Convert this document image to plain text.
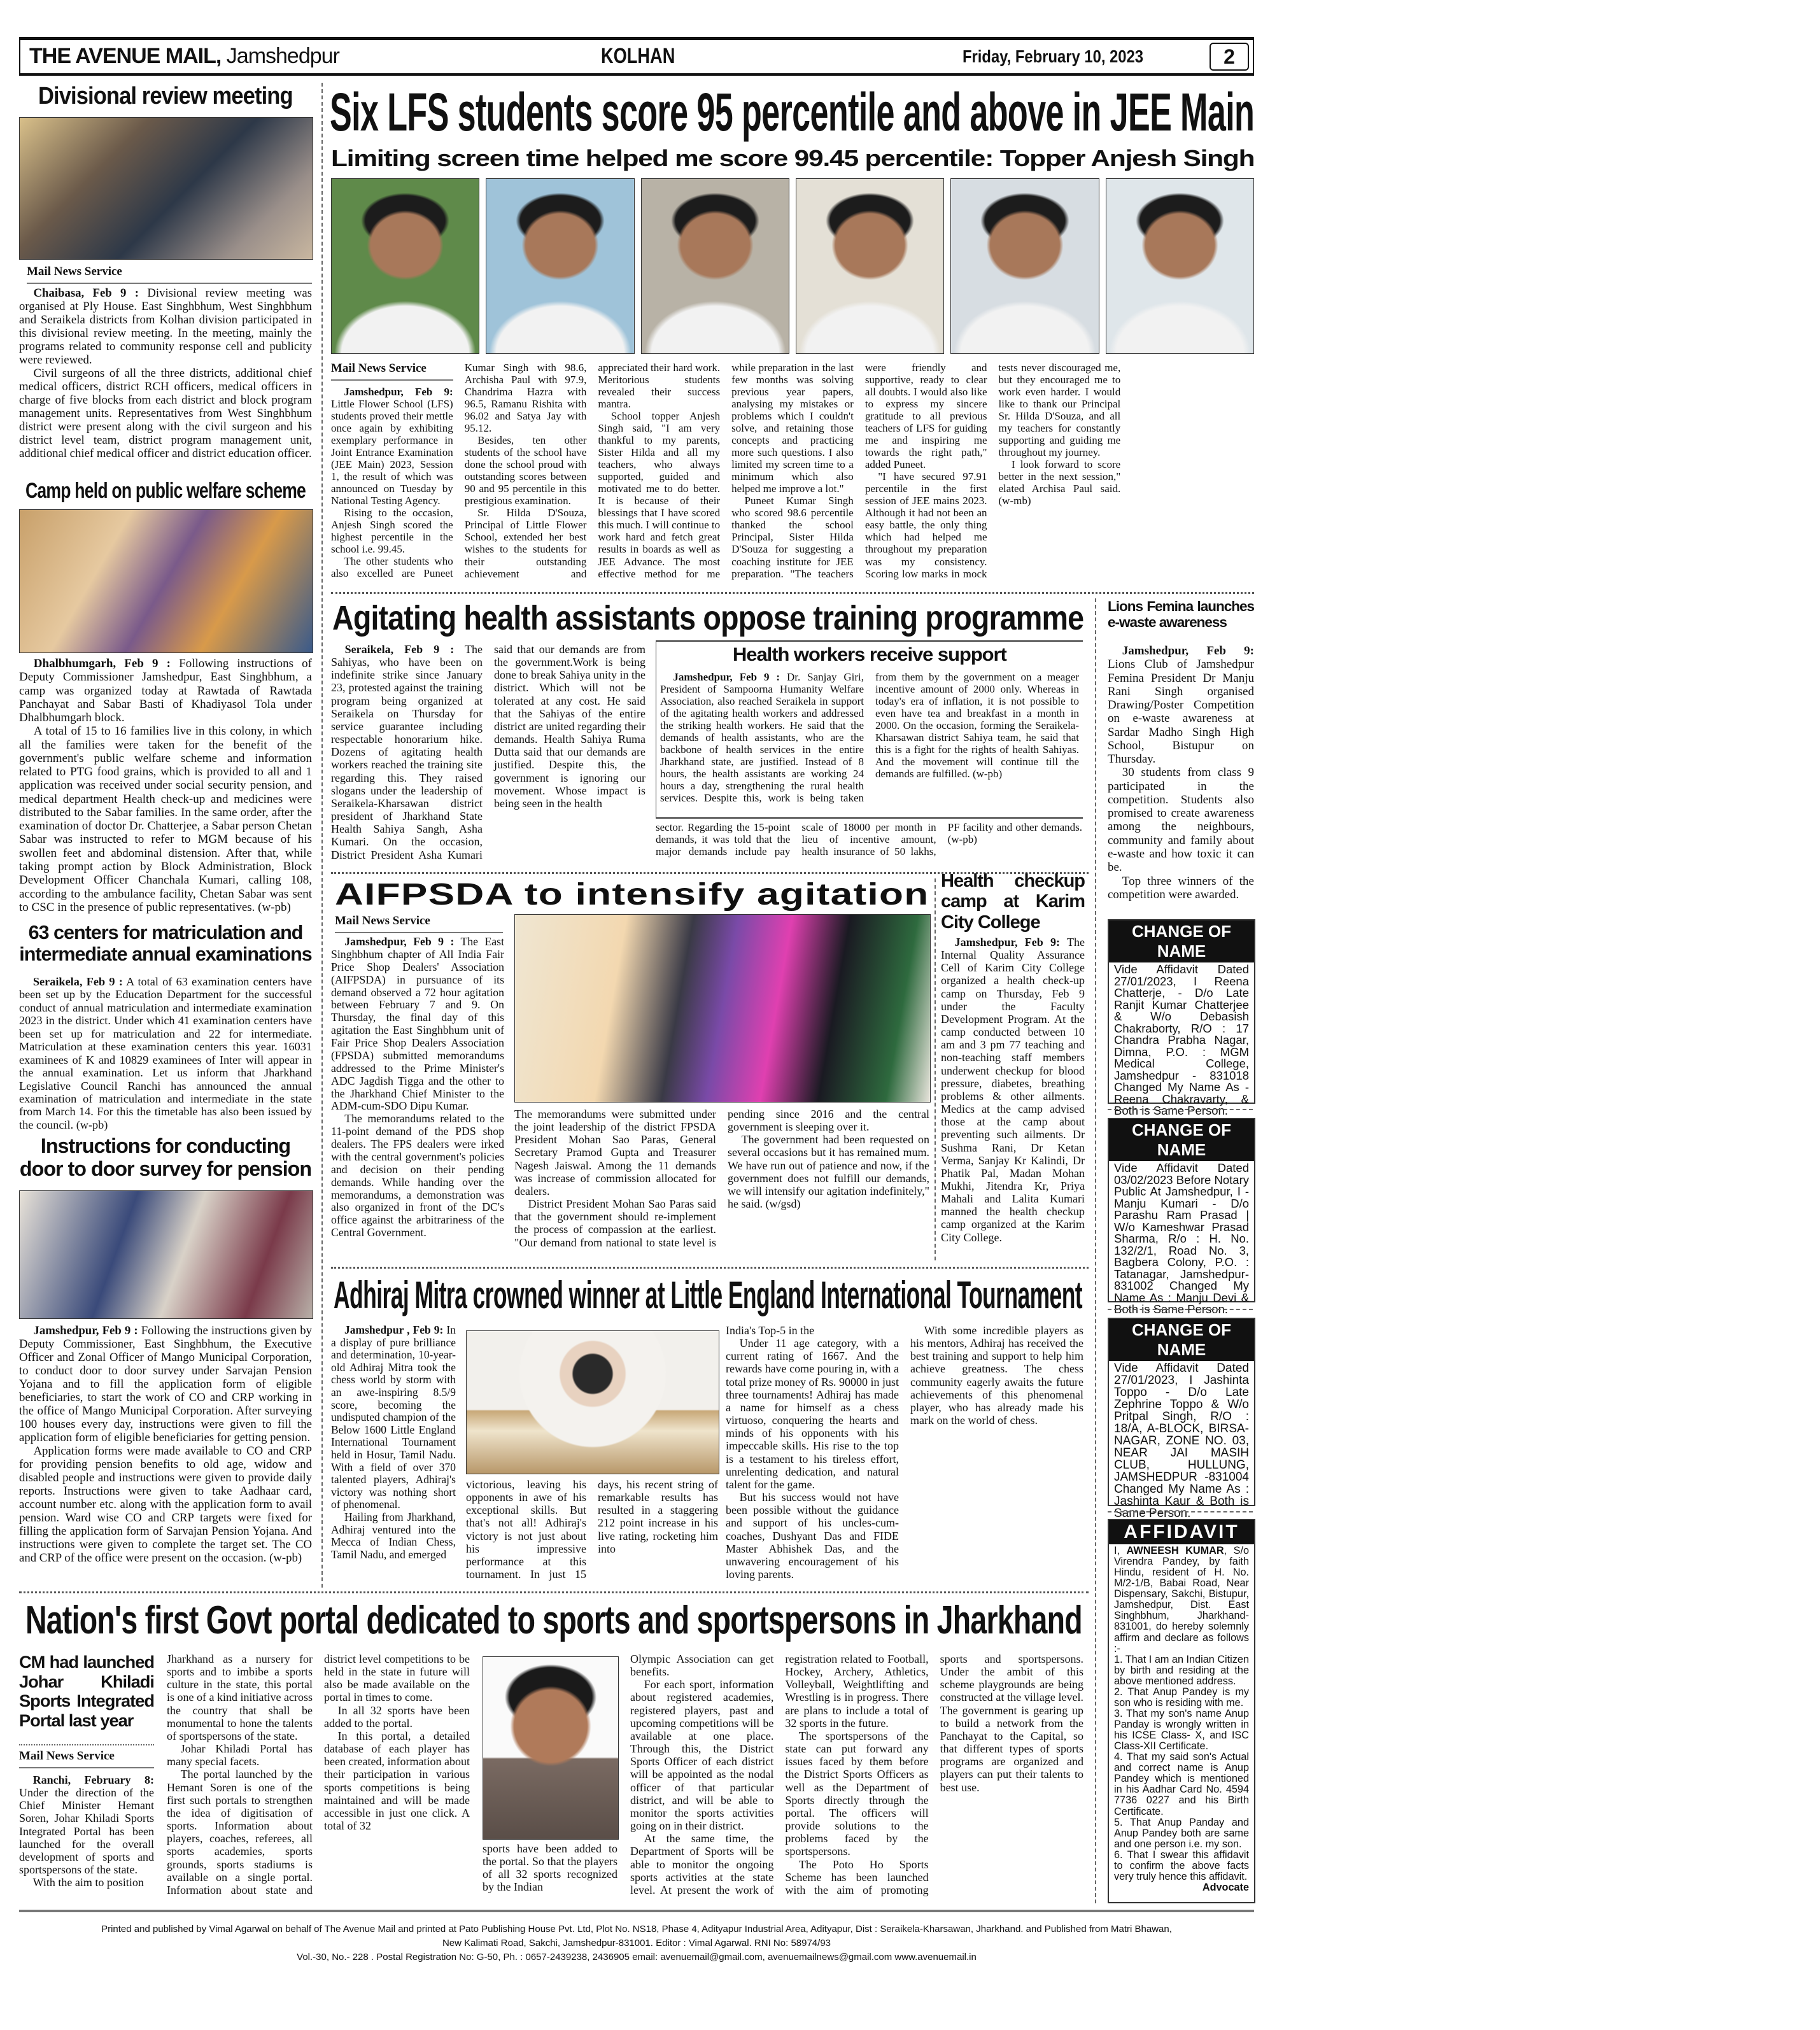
THE AVENUE MAIL, Jamshedpur	KOLHAN	Friday, February 10, 2023	2
Divisional review meeting
Mail News Service

Chaibasa, Feb 9 : Divisional review meeting was organised at Ply House. East Singhbhum, West Singhbhum and Seraikela districts from Kolhan division participated in this divisional review meeting. In the meeting, mainly the programs related to community response cell and publicity were reviewed.

Civil surgeons of all the three districts, additional chief medical officers, district RCH officers, medical officers in charge of five blocks from each district and block program management units. Representatives from West Singhbhum district were present along with the civil surgeon and his district level team, district program management unit, additional chief medical officer and district education officer.

Camp held on public welfare scheme

Dhalbhumgarh, Feb 9 : Following instructions of Deputy Commissioner Jamshedpur, East Singhbhum, a camp was organized today at Rawtada of Rawtada Panchayat and Sabar Basti of Khadiyasol Tola under Dhalbhumgarh block.

A total of 15 to 16 families live in this colony, in which all the families were taken for the benefit of the government's public welfare scheme and information related to PTG food grains, which is provided to all and 1 application was received under social security pension, and medical department Health check-up and medicines were distributed to the Sabar families. In the same order, after the examination of doctor Dr. Chatterjee, a Sabar person Chetan Sabar was instructed to refer to MGM because of his swollen feet and abdominal distension. After that, while taking prompt action by Block Administration, Block Development Officer Chanchala Kumari, calling 108, according to the ambulance facility, Chetan Sabar was sent to CSC in the presence of public representatives. (w-pb)

63 centers for matriculation and intermediate annual examinations

Seraikela, Feb 9 : A total of 63 examination centers have been set up by the Education Department for the successful conduct of annual matriculation and intermediate examination 2023 in the district. Under which 41 examination centers have been set up for matriculation and 22 for intermediate. Matriculation at these examination centers this year. 16031 examinees of K and 10829 examinees of Inter will appear in the annual examination. Let us inform that Jharkhand Legislative Council Ranchi has announced the annual examination of matriculation and intermediate in the state from March 14. For this the timetable has also been issued by the council. (w-pb)

Instructions for conducting door to door survey for pension

Jamshedpur, Feb 9 : Following the instructions given by Deputy Commissioner, East Singhbhum, the Executive Officer and Zonal Officer of Mango Municipal Corporation, to conduct door to door survey under Sarvajan Pension Yojana and to fill the application form of eligible beneficiaries, to start the work of CO and CRP working in the office of Mango Municipal Corporation. After surveying 100 houses every day, instructions were given to fill the application form of eligible beneficiaries for getting pension.

Application forms were made available to CO and CRP for providing pension benefits to old age, widow and disabled people and instructions were given to provide daily reports. Instructions were given to take Aadhaar card, account number etc. along with the application form to avail pension. Ward wise CO and CRP targets were fixed for filling the application form of Sarvajan Pension Yojana. And instructions were given to complete the target set. The CO and CRP of the office were present on the occasion. (w-pb)

Six LFS students score 95 percentile and above in JEE Main
Limiting screen time helped me score 99.45 percentile: Topper Anjesh Singh
Mail News Service

Jamshedpur, Feb 9: Little Flower School (LFS) students proved their mettle once again by exhibiting exemplary performance in Joint Entrance Examination (JEE Main) 2023, Session 1, the result of which was announced on Tuesday by National Testing Agency.

Rising to the occasion, Anjesh Singh scored the highest percentile in the school i.e. 99.45.

The other students who also excelled are Puneet Kumar Singh with 98.6, Archisha Paul with 97.9, Chandrima Hazra with 96.5, Ramanu Rishita with 96.02 and Satya Jay with 95.12.

Besides, ten other students of the school have done the school proud with outstanding scores between 90 and 95 percentile in this prestigious examination.

Sr. Hilda D'Souza, Principal of Little Flower School, extended her best wishes to the students for their outstanding achievement and appreciated their hard work. Meritorious students revealed their success mantra.

School topper Anjesh Singh said, "I am very thankful to my parents, Sister Hilda and all my teachers, who always supported, guided and motivated me to do better. It is because of their blessings that I have scored this much. I will continue to work hard and fetch great results in boards as well as JEE Advance. The most effective method for me while preparation in the last few months was solving previous year papers, analysing my mistakes or problems which I couldn't solve, and retaining those concepts and practicing more such questions. I also limited my screen time to a minimum which also helped me improve a lot."

Puneet Kumar Singh who scored 98.6 percentile thanked the school Principal, Sister Hilda D'Souza for suggesting a coaching institute for JEE preparation. "The teachers were friendly and supportive, ready to clear all doubts. I would also like to express my sincere gratitude to all previous teachers of LFS for guiding me and inspiring me towards the right path," added Puneet.

"I have secured 97.91 percentile in the first session of JEE mains 2023. Although it had not been an easy battle, the only thing which had helped me throughout my preparation was my consistency. Scoring low marks in mock tests never discouraged me, but they encouraged me to work even harder. I would like to thank our Principal Sr. Hilda D'Souza, and all my teachers for constantly supporting and guiding me throughout my journey.

I look forward to score better in the next session," elated Archisa Paul said. (w-mb)

Agitating health assistants oppose training programme

Seraikela, Feb 9 : The Sahiyas, who have been on indefinite strike since January 23, protested against the training program being organized at Seraikela on Thursday for service guarantee including respectable honorarium hike. Dozens of agitating health workers reached the training site regarding this. They raised slogans under the leadership of Seraikela-Kharsawan district president of Jharkhand State Health Sahiya Sangh, Asha Kumari. On the occasion, District President Asha Kumari said that our demands are from the government.Work is being done to break Sahiya unity in the district. Which will not be tolerated at any cost. He said that the Sahiyas of the entire district are united regarding their demands. Health Sahiya Ruma Dutta said that our demands are justified. Despite this, the government is ignoring our movement. Whose impact is being seen in the health

Health workers receive support

Jamshedpur, Feb 9 : Dr. Sanjay Giri, President of Sampoorna Humanity Welfare Association, also reached Seraikela in support of the agitating health workers and addressed the striking health workers. He said that the demands of health assistants, who are the backbone of health services in the entire Jharkhand state, are justified. Instead of 8 hours, the health assistants are working 24 hours a day, strengthening the rural health services. Despite this, work is being taken from them by the government on a meager incentive amount of 2000 only. Whereas in today's era of inflation, it is not possible to even have tea and breakfast in a month in 2000. On the occasion, forming the Seraikela-Kharsawan district Sahiya team, he said that this is a fight for the rights of health Sahiyas. And the movement will continue till the demands are fulfilled. (w-pb)

sector. Regarding the 15-point demands, it was told that the major demands include pay scale of 18000 per month in lieu of incentive amount, health insurance of 50 lakhs, PF facility and other demands. (w-pb)

Lions Femina launches e-waste awareness

Jamshedpur, Feb 9: Lions Club of Jamshedpur Femina President Dr Manju Rani Singh organised Drawing/Poster Competition on e-waste awareness at Sardar Madho Singh High School, Bistupur on Thursday.

30 students from class 9 participated in the competition. Students also promised to create awareness among the neighbours, community and family about e-waste and how toxic it can be.

Top three winners of the competition were awarded.

AIFPSDA to intensify agitation
Mail News Service

Jamshedpur, Feb 9 : The East Singhbhum chapter of All India Fair Price Shop Dealers' Association (AIFPSDA) in pursuance of its demand observed a 72 hour agitation between February 7 and 9. On Thursday, the final day of this agitation the East Singhbhum unit of Fair Price Shop Dealers Association (FPSDA) submitted memorandums addressed to the Prime Minister's ADC Jagdish Tigga and the other to the Jharkhand Chief Minister to the ADM-cum-SDO Dipu Kumar.

The memorandums related to the 11-point demand of the PDS shop dealers. The FPS dealers were irked with the central government's policies and decision on their pending demands. While handing over the memorandums, a demonstration was also organized in front of the DC's office against the arbitrariness of the Central Government.

The memorandums were submitted under the joint leadership of the district FPSDA President Mohan Sao Paras, General Secretary Pramod Gupta and Treasurer Nagesh Jaiswal. Among the 11 demands was increase of commission allocated for dealers.

District President Mohan Sao Paras said that the government should re-implement the process of compassion at the earliest. "Our demand from national to state level is pending since 2016 and the central government is sleeping over it.

The government had been requested on several occasions but it has remained mum. We have run out of patience and now, if the government does not fulfill our demands, we will intensify our agitation indefinitely," he said. (w/gsd)

Health checkup camp at Karim City College

Jamshedpur, Feb 9: The Internal Quality Assurance Cell of Karim City College organized a health check-up camp on Thursday, Feb 9 under the Faculty Development Program. At the camp conducted between 10 am and 3 pm 77 teaching and non-teaching staff members underwent checkup for blood pressure, diabetes, breathing problems & other ailments. Medics at the camp advised those at the camp about preventing such ailments. Dr Sushma Rani, Dr Ketan Verma, Sanjay Kr Kalindi, Dr Phatik Pal, Madan Mohan Mukhi, Jitendra Kr, Priya Mahali and Lalita Kumari manned the health checkup camp organized at the Karim City College.

CHANGE OF NAME
Vide Affidavit Dated 27/01/2023, I Reena Chatterje, - D/o Late Ranjit Kumar Chatterjee & W/o Debasish Chakraborty, R/O : 17 Chandra Prabha Nagar, Dimna, P.O. : MGM Medical College, Jamshedpur - 831018 Changed My Name As - Reena Chakravarty, & Both is Same Person.
CHANGE OF NAME
Vide Affidavit Dated 03/02/2023 Before Notary Public At Jamshedpur, I - Manju Kumari - D/o Parashu Ram Prasad | W/o Kameshwar Prasad Sharma, R/o : H. No. 132/2/1, Road No. 3, Bagbera Colony, P.O. : Tatanagar, Jamshedpur-831002 Changed My Name As : Manju Devi & Both is Same Person.
CHANGE OF NAME
Vide Affidavit Dated 27/01/2023, I Jashinta Toppo - D/o Late Zephrine Toppo & W/o Pritpal Singh, R/O : 18/A, A-BLOCK, BIRSA-NAGAR, ZONE NO. 03, NEAR JAI MASIH CLUB, HULLUNG, JAMSHEDPUR -831004 Changed My Name As : Jashinta Kaur & Both is Same Person.
AFFIDAVIT

I, AWNEESH KUMAR, S/o Virendra Pandey, by faith Hindu, resident of H. No. M/2-1/B, Babai Road, Near Dispensary, Sakchi, Bistupur, Jamshedpur, Dist. East Singhbhum, Jharkhand-831001, do hereby solemnly affirm and declare as follows :-

1. That I am an Indian Citizen by birth and residing at the above mentioned address.

2. That Anup Pandey is my son who is residing with me.

3. That my son's name Anup Panday is wrongly written in his ICSE Class- X, and ISC Class-XII Certificate.

4. That my said son's Actual and correct name is Anup Pandey which is mentioned in his Aadhar Card No. 4594 7736 0227 and his Birth Certificate.

5. That Anup Panday and Anup Pandey both are same and one person i.e. my son.

6. That I swear this affidavit to confirm the above facts very truly hence this affidavit.

Advocate

Adhiraj Mitra crowned winner at Little England International Tournament

Jamshedpur , Feb 9: In a display of pure brilliance and determination, 10-year-old Adhiraj Mitra took the chess world by storm with an awe-inspiring 8.5/9 score, becoming the undisputed champion of the Below 1600 Little England International Tournament held in Hosur, Tamil Nadu. With a field of over 370 talented players, Adhiraj's victory was nothing short of phenomenal.

Hailing from Jharkhand, Adhiraj ventured into the Mecca of Indian Chess, Tamil Nadu, and emerged

victorious, leaving his opponents in awe of his exceptional skills. But that's not all! Adhiraj's victory is not just about his impressive performance at this tournament. In just 15 days, his recent string of remarkable results has resulted in a staggering 212 point increase in his live rating, rocketing him into

India's Top-5 in the

Under 11 age category, with a current rating of 1667. And the rewards have come pouring in, with a total prize money of Rs. 90000 in just three tournaments! Adhiraj has made a name for himself as a chess virtuoso, conquering the hearts and minds of his opponents with his impeccable skills. His rise to the top is a testament to his tireless effort, unrelenting dedication, and natural talent for the game.

But his success would not have been possible without the guidance and support of his uncles-cum-coaches, Dushyant Das and FIDE Master Abhishek Das, and the unwavering encouragement of his loving parents.

With some incredible players as his mentors, Adhiraj has received the best training and support to help him achieve greatness. The chess community eagerly awaits the future achievements of this phenomenal player, who has already made his mark on the world of chess.

Nation's first Govt portal dedicated to sports and sportspersons in Jharkhand
CM had launched Johar Khiladi Sports Integrated Portal last year
Mail News Service

Ranchi, February 8: Under the direction of the Chief Minister Hemant Soren, Johar Khiladi Sports Integrated Portal has been launched for the overall development of sports and sportspersons of the state.

With the aim to position

Jharkhand as a nursery for sports and to imbibe a sports culture in the state, this portal is one of a kind initiative across the country that shall be monumental to hone the talents of sportspersons of the state.

Johar Khiladi Portal has many special facets.

The portal launched by the Hemant Soren is one of the first such portals to strengthen the idea of digitisation of sports. Information about players, coaches, referees, all sports academies, sports grounds, sports stadiums is available on a single portal. Information about state and district level competitions to be held in the state in future will also be made available on the portal in times to come.

In all 32 sports have been added to the portal.

In this portal, a detailed database of each player has been created, information about their participation in various sports competitions is being maintained and will be made accessible in just one click. A total of 32

sports have been added to the portal. So that the players of all 32 sports recognized by the Indian

Olympic Association can get benefits.

For each sport, information about registered academies, registered players, past and upcoming competitions will be available at one place. Through this, the District Sports Officer of each district will be appointed as the nodal officer of that particular district, and will be able to monitor the sports activities going on in their district.

At the same time, the Department of Sports will be able to monitor the ongoing sports activities at the state level. At present the work of registration related to Football, Hockey, Archery, Athletics, Volleyball, Weightlifting and Wrestling is in progress. There are plans to include a total of 32 sports in the future.

The sportspersons of the state can put forward any issues faced by them before the District Sports Officers as well as the Department of Sports directly through the portal. The officers will provide solutions to the problems faced by the sportspersons.

The Poto Ho Sports Scheme has been launched with the aim of promoting sports and sportspersons. Under the ambit of this scheme playgrounds are being constructed at the village level. The government is gearing up to build a network from the Panchayat to the Capital, so that different types of sports programs are organized and players can put their talents to best use.

Printed and published by Vimal Agarwal on behalf of The Avenue Mail and printed at Pato Publishing House Pvt. Ltd, Plot No. NS18, Phase 4, Adityapur Industrial Area, Adityapur, Dist : Seraikela-Kharsawan, Jharkhand. and Published from Matri Bhawan,
New Kalimati Road, Sakchi, Jamshedpur-831001. Editor : Vimal Agarwal. RNI No: 58974/93
Vol.-30, No.- 228 . Postal Registration No: G-50, Ph. : 0657-2439238, 2436905 email: avenuemail@gmail.com, avenuemailnews@gmail.com www.avenuemail.in
